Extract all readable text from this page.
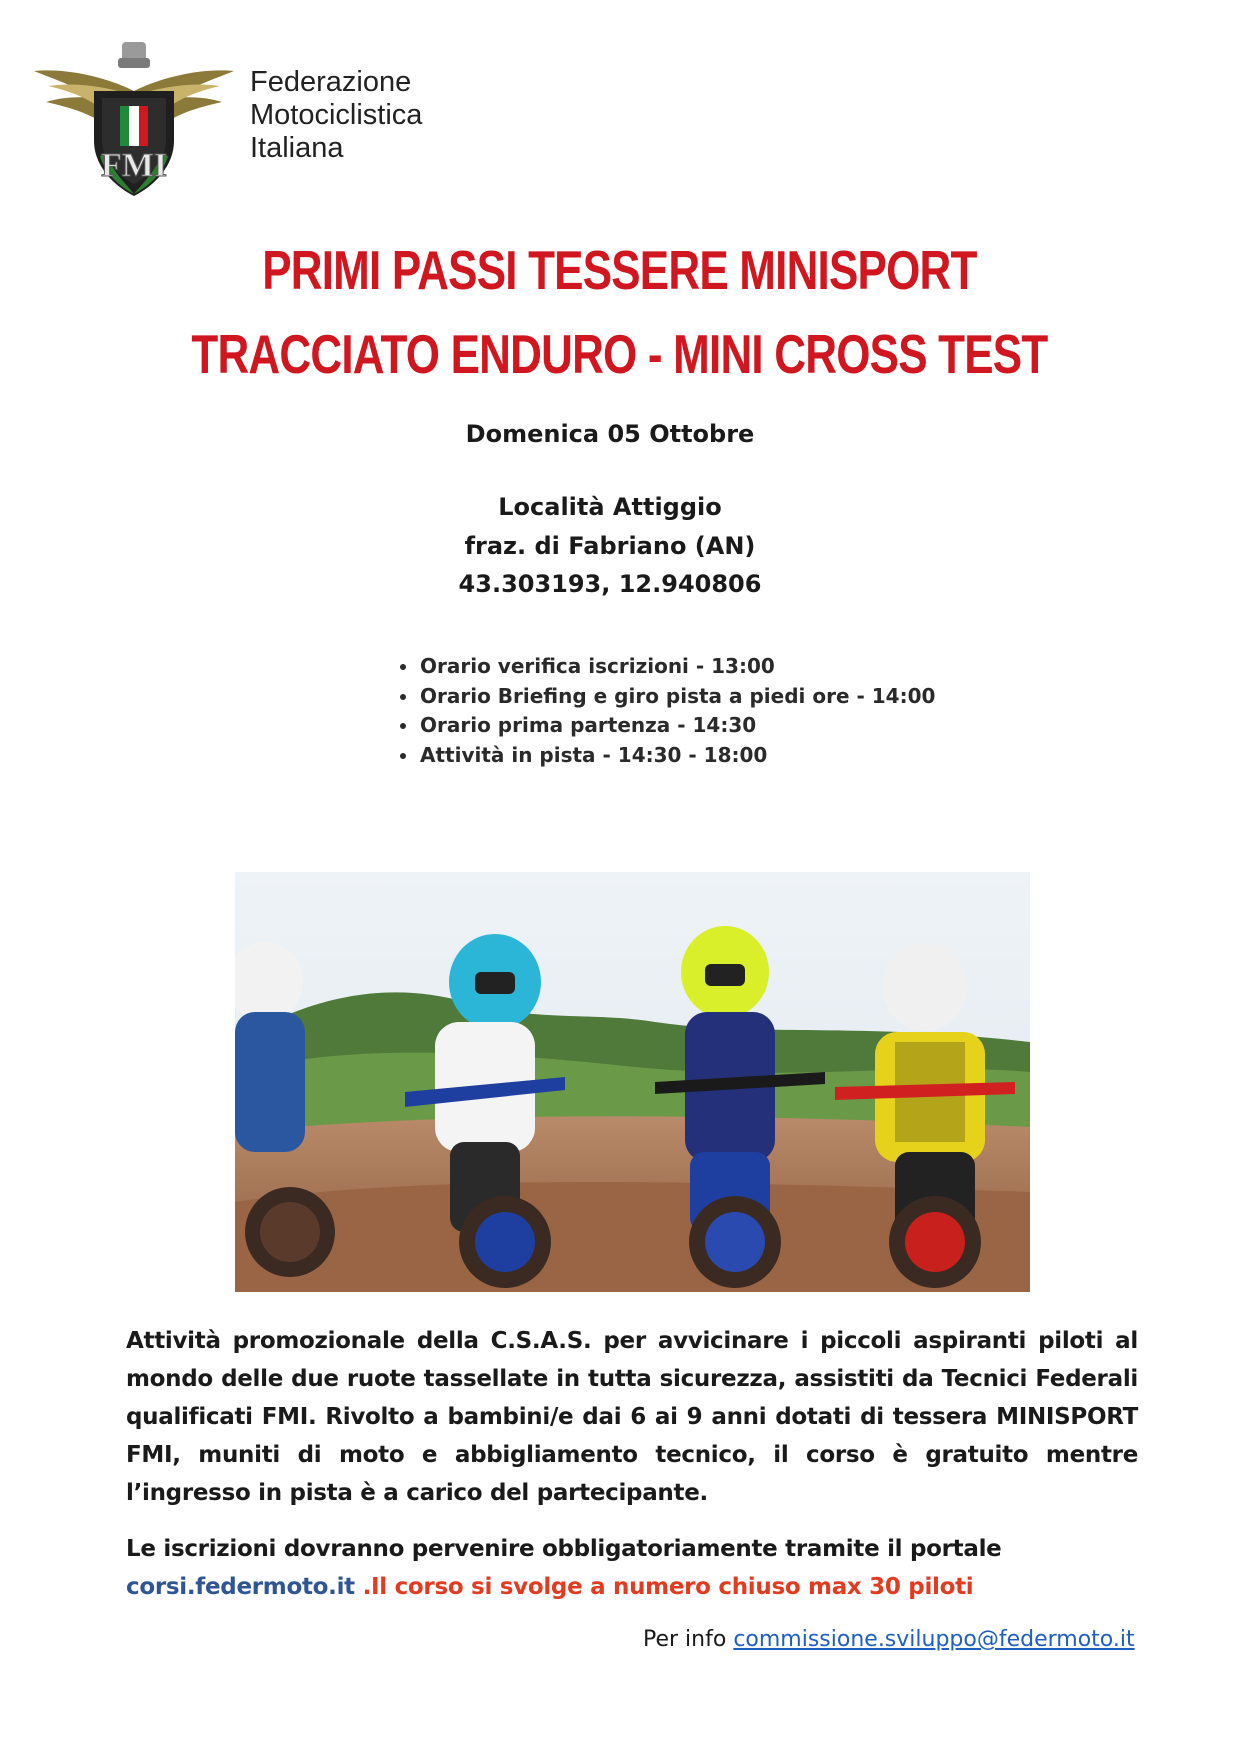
FMI
Federazione
Motociclistica
Italiana
PRIMI PASSI TESSERE MINISPORT
TRACCIATO ENDURO - MINI CROSS TEST
Domenica 05 Ottobre
Località Attiggio
fraz. di Fabriano (AN)
43.303193, 12.940806
Orario verifica iscrizioni - 13:00
Orario Briefing e giro pista a piedi ore - 14:00
Orario prima partenza - 14:30
Attività in pista - 14:30 - 18:00
Attività promozionale della C.S.A.S. per avvicinare i piccoli aspiranti piloti al mondo delle due ruote tassellate in tutta sicurezza, assistiti da Tecnici Federali qualificati FMI. Rivolto a bambini/e dai 6 ai 9 anni dotati di tessera MINISPORT FMI, muniti di moto e abbigliamento tecnico, il corso è gratuito mentre l’ingresso in pista è a carico del partecipante.
Le iscrizioni dovranno pervenire obbligatoriamente tramite il portale
corsi.federmoto.it .Il corso si svolge a numero chiuso max 30 piloti
Per info commissione.sviluppo@federmoto.it
